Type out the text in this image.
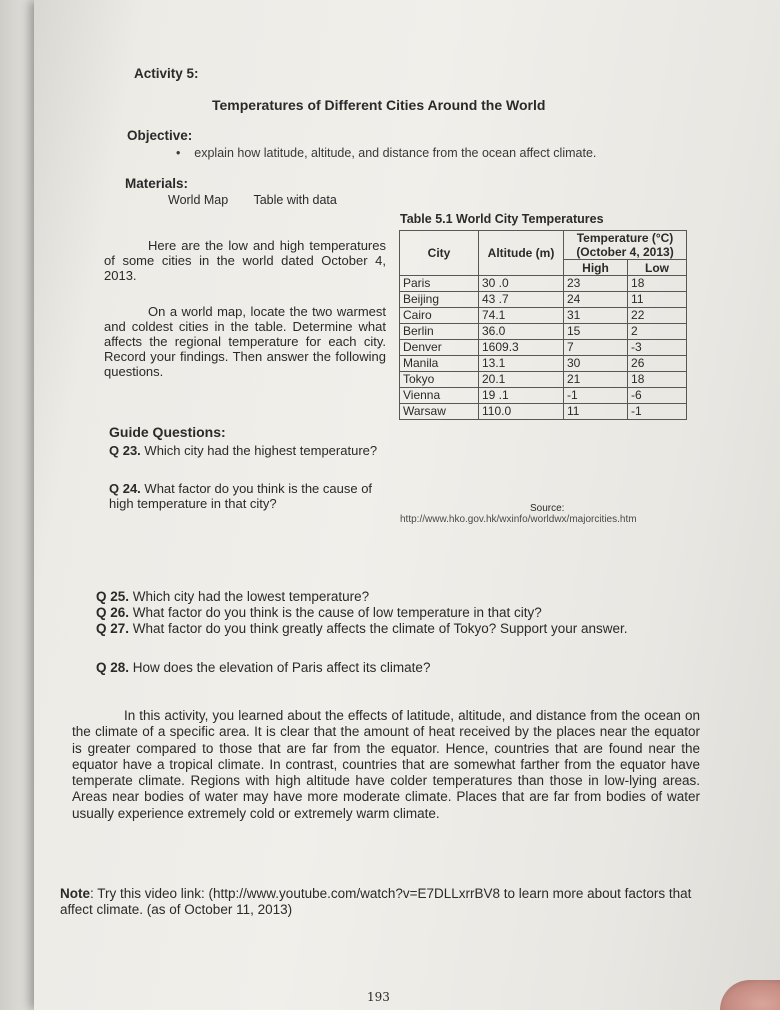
Activity 5:
Temperatures of Different Cities Around the World
Objective:
•    explain how latitude, altitude, and distance from the ocean affect climate.
Materials:
World Map Table with data
Here are the low and high temperatures of some cities in the world dated October 4, 2013.
On a world map, locate the two warmest and coldest cities in the table. Determine what affects the regional temperature for each city. Record your findings. Then answer the following questions.
Guide Questions:
Q 23. Which city had the highest temperature?
Q 24. What factor do you think is the cause of high temperature in that city?
Table 5.1 World City Temperatures
City	Altitude (m)	Temperature (°C) (October 4, 2013)	
		High	Low
Paris	30 .0	23	18
Beijing	43 .7	24	11
Cairo	74.1	31	22
Berlin	36.0	15	2
Denver	1609.3	7	-3
Manila	13.1	30	26
Tokyo	20.1	21	18
Vienna	19 .1	-1	-6
Warsaw	110.0	11	-1
Source:
http://www.hko.gov.hk/wxinfo/worldwx/majorcities.htm
Q 25. Which city had the lowest temperature?
Q 26. What factor do you think is the cause of low temperature in that city?
Q 27. What factor do you think greatly affects the climate of Tokyo? Support your answer.
Q 28. How does the elevation of Paris affect its climate?
In this activity, you learned about the effects of latitude, altitude, and distance from the ocean on the climate of a specific area. It is clear that the amount of heat received by the places near the equator is greater compared to those that are far from the equator. Hence, countries that are found near the equator have a tropical climate. In contrast, countries that are somewhat farther from the equator have temperate climate. Regions with high altitude have colder temperatures than those in low-lying areas. Areas near bodies of water may have more moderate climate. Places that are far from bodies of water usually experience extremely cold or extremely warm climate.
Note: Try this video link: (http://www.youtube.com/watch?v=E7DLLxrrBV8 to learn more about factors that affect climate. (as of October 11, 2013)
193
